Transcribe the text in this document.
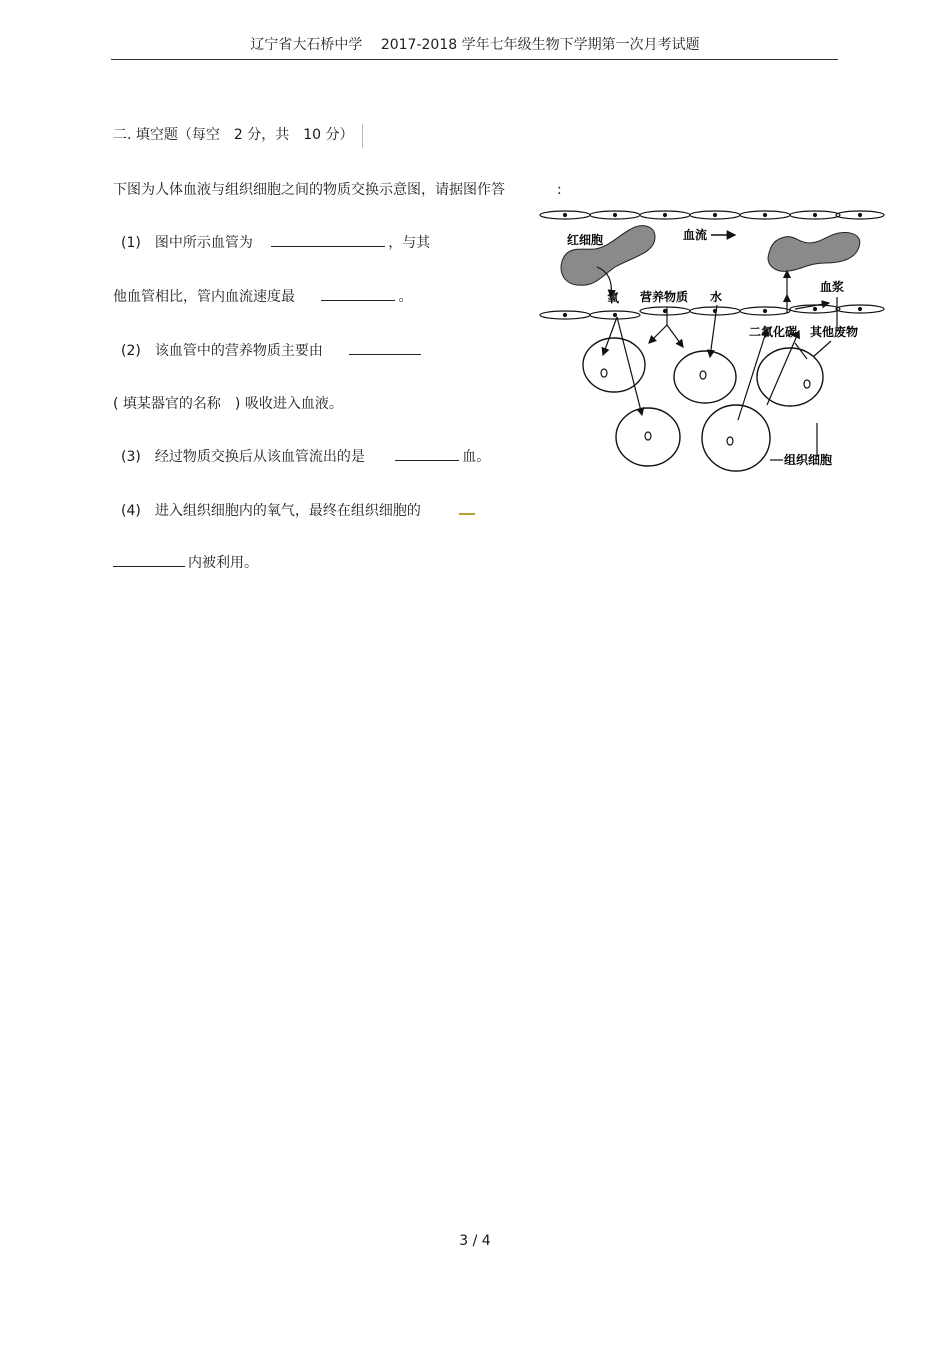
辽宁省大石桥中学　 2017-2018 学年七年级生物下学期第一次月考试题
二. 填空题（每空　2 分，共　10 分）
下图为人体血液与组织细胞之间的物质交换示意图，请据图作答	:
(1) 图中所示血管为	，与其
他血管相比，管内血流速度最	。
(2) 该血管中的营养物质主要由
( 填某器官的名称　) 吸收进入血液。
(3) 经过物质交换后从该血管流出的是	血。
(4) 进入组织细胞内的氧气，最终在组织细胞的
内被利用。
红细胞	血流
氧 营养物质 水
血浆
二氧化碳 其他废物
组织细胞
3 / 4
